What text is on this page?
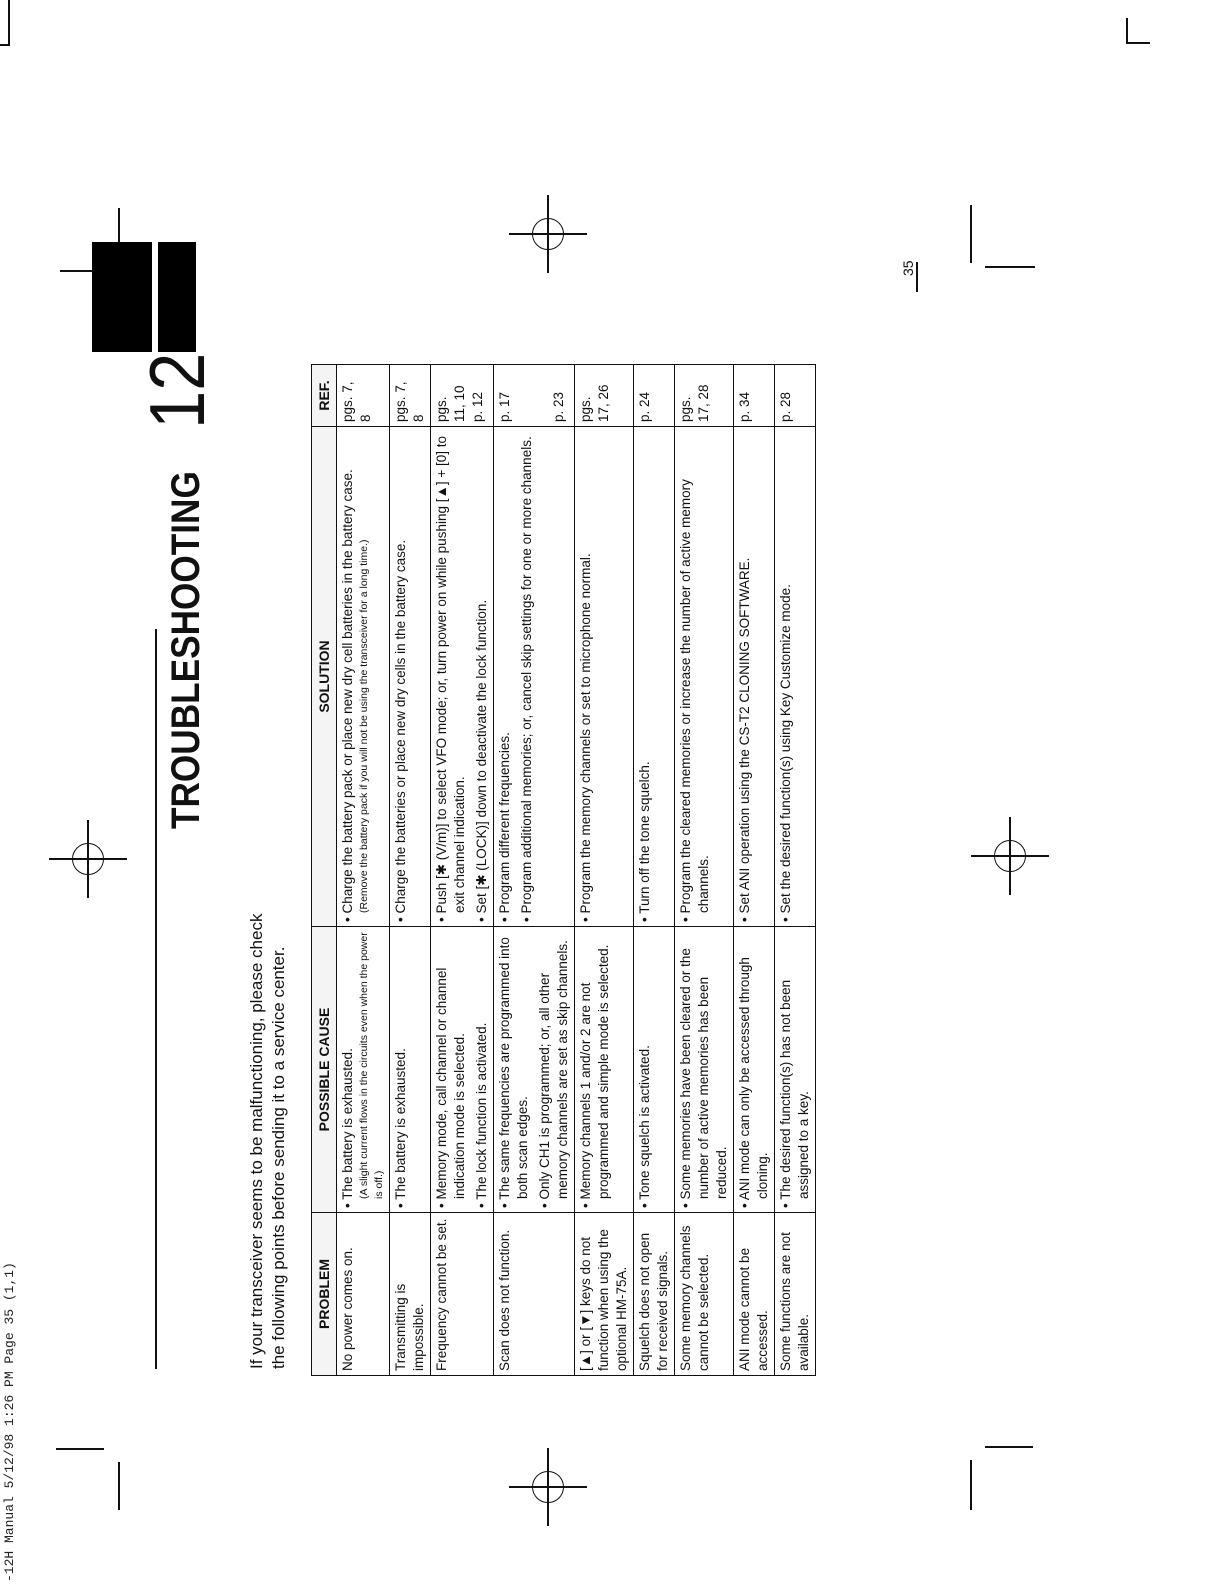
35
-12H Manual 5/12/98 1:26 PM Page 35 (1,1)
TROUBLESHOOTING
12
If your transceiver seems to be malfunctioning, please check the following points before sending it to a service center. PROBLEM	POSSIBLE CAUSE	SOLUTION	REF.
No power comes on.	• The battery is exhausted. (A slight current flows in the circuits even when the power is off.)	• Charge the battery pack or place new dry cell batteries in the battery case. (Remove the battery pack if you will not be using the transceiver for a long time.)	pgs. 7,
8
Transmitting is impossible.	• The battery is exhausted.	• Charge the batteries or place new dry cells in the battery case.	pgs. 7,
8
Frequency cannot be set.	• Memory mode, call channel or channel indication mode is selected. • The lock function is activated.	• Push [✱ (V/m)] to select VFO mode; or, turn power on while pushing [▲] + [0] to exit channel indication. • Set [✱ (LOCK)] down to deactivate the lock function.	pgs.
11, 10
p. 12
Scan does not function.	• The same frequencies are programmed into both scan edges. • Only CH1 is programmed; or, all other memory channels are set as skip channels.	• Program different frequencies. • Program additional memories; or, cancel skip settings for one or more channels.	p. 17

p. 23
[▲] or [▼] keys do not function when using the optional HM-75A.	• Memory channels 1 and/or 2 are not programmed and simple mode is selected.	• Program the memory channels or set to microphone normal.	pgs.
17, 26
Squelch does not open for received signals.	• Tone squelch is activated.	• Turn off the tone squelch.	p. 24
Some memory channels cannot be selected.	• Some memories have been cleared or the number of active memories has been reduced.	• Program the cleared memories or increase the number of active memory channels.	pgs.
17, 28
ANI mode cannot be accessed.	• ANI mode can only be accessed through cloning.	• Set ANI operation using the CS-T2 CLONING SOFTWARE.	p. 34
Some functions are not available.	• The desired function(s) has not been assigned to a key.	• Set the desired function(s) using Key Customize mode.	p. 28
